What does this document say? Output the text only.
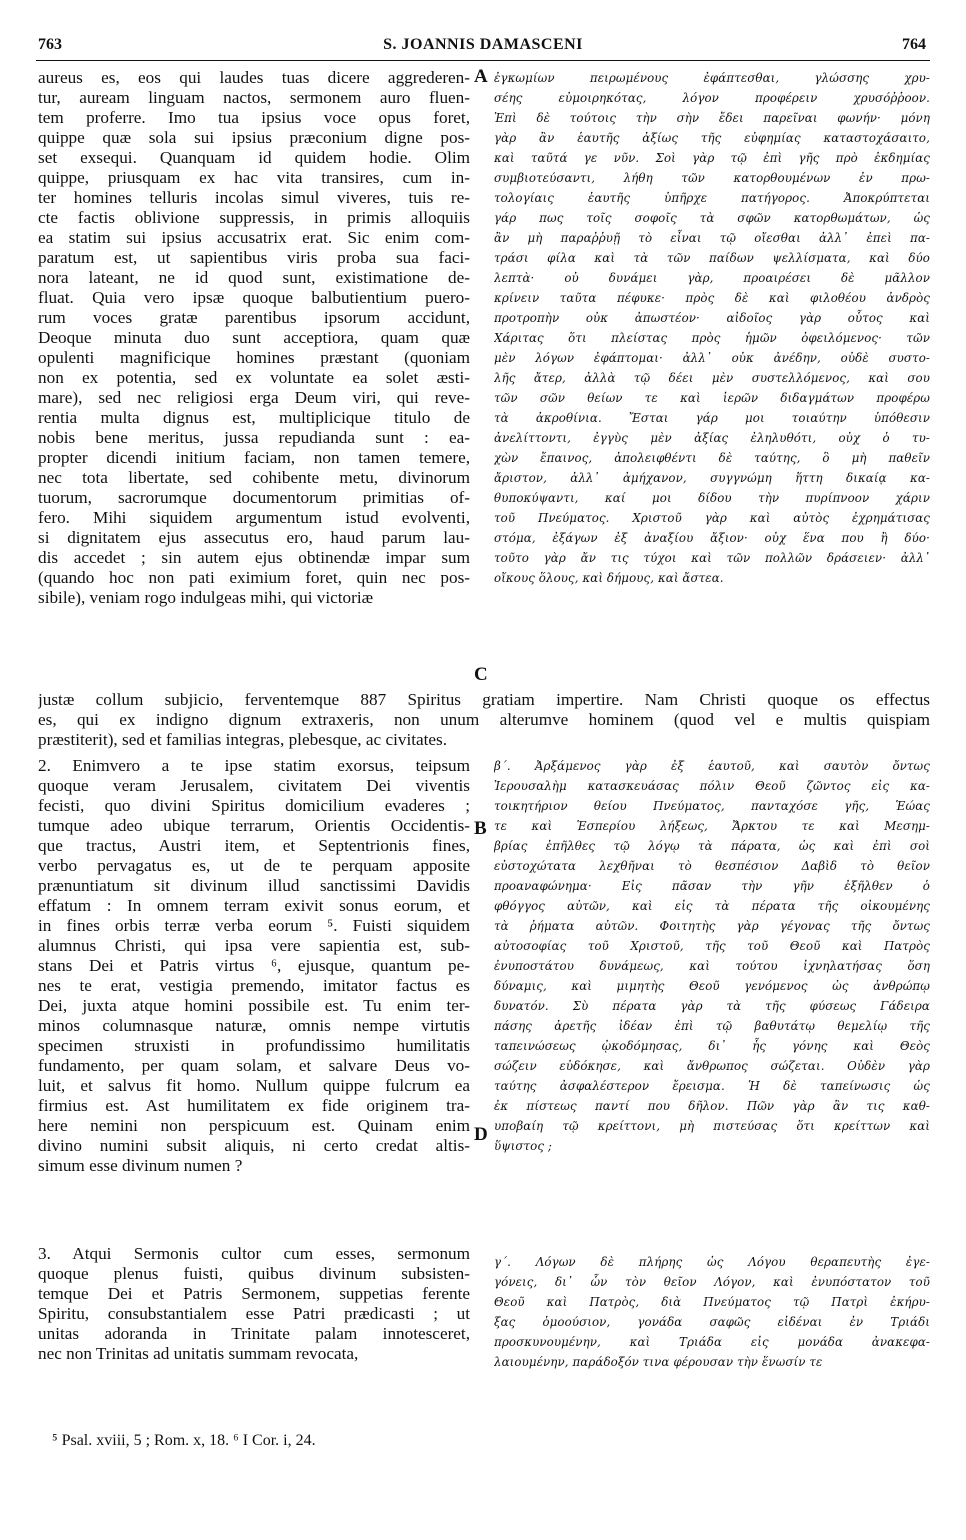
763	S. JOANNIS DAMASCENI	764
A
B
C
D
aureus es, eos qui laudes tuas dicere aggrederen-
tur, auream linguam nactos, sermonem auro fluen-
tem proferre. Imo tua ipsius voce opus foret,
quippe quæ sola sui ipsius præconium digne pos-
set exsequi. Quanquam id quidem hodie. Olim
quippe, priusquam ex hac vita transires, cum in-
ter homines telluris incolas simul viveres, tuis re-
cte factis oblivione suppressis, in primis alloquiis
ea statim sui ipsius accusatrix erat. Sic enim com-
paratum est, ut sapientibus viris proba sua faci-
nora lateant, ne id quod sunt, existimatione de-
fluat. Quia vero ipsæ quoque balbutientium puero-
rum voces gratæ parentibus ipsorum accidunt,
Deoque minuta duo sunt acceptiora, quam quæ
opulenti magnificique homines præstant (quoniam
non ex potentia, sed ex voluntate ea solet æsti-
mare), sed nec religiosi erga Deum viri, qui reve-
rentia multa dignus est, multiplicique titulo de
nobis bene meritus, jussa repudianda sunt : ea-
propter dicendi initium faciam, non tamen temere,
nec tota libertate, sed cohibente metu, divinorum
tuorum, sacrorumque documentorum primitias of-
fero. Mihi siquidem argumentum istud evolventi,
si dignitatem ejus assecutus ero, haud parum lau-
dis accedet ; sin autem ejus obtinendæ impar sum
(quando hoc non pati eximium foret, quin nec pos-
sibile), veniam rogo indulgeas mihi, qui victoriæ
ἐγκωμίων πειρωμένους ἐφάπτεσθαι, γλώσσης χρυ-
σέης εὐμοιρηκότας, λόγον προφέρειν χρυσόῤῥοον.
Ἐπὶ δὲ τούτοις τὴν σὴν ἔδει παρεῖναι φωνήν· μόνη
γὰρ ἂν ἑαυτῆς ἀξίως τῆς εὐφημίας καταστοχάσαιτο,
καὶ ταῦτά γε νῦν. Σοὶ γὰρ τῷ ἐπὶ γῆς πρὸ ἐκδημίας
συμβιοτεύσαντι, λήθη τῶν κατορθουμένων ἐν πρω-
τολογίαις ἑαυτῆς ὑπῆρχε πατήγορος. Ἀποκρύπτεται
γάρ πως τοῖς σοφοῖς τὰ σφῶν κατορθωμάτων, ὡς
ἂν μὴ παραῤῥυῇ τὸ εἶναι τῷ οἴεσθαι ἀλλ᾽ ἐπεὶ πα-
τράσι φίλα καὶ τὰ τῶν παίδων ψελλίσματα, καὶ δύο
λεπτὰ· οὐ δυνάμει γὰρ, προαιρέσει δὲ μᾶλλον
κρίνειν ταῦτα πέφυκε· πρὸς δὲ καὶ φιλοθέου ἀνδρὸς
προτροπὴν οὐκ ἀπωστέον· αἰδοῖος γὰρ οὗτος καὶ
Χάριτας ὅτι πλείστας πρὸς ἡμῶν ὀφειλόμενος· τῶν
μὲν λόγων ἐφάπτομαι· ἀλλ᾽ οὐκ ἀνέδην, οὐδὲ συστο-
λῆς ἄτερ, ἀλλὰ τῷ δέει μὲν συστελλόμενος, καὶ σου
τῶν σῶν θείων τε καὶ ἱερῶν διδαγμάτων προφέρω
τὰ ἀκροθίνια. Ἔσται γάρ μοι τοιαύτην ὑπόθεσιν
ἀνελίττοντι, ἐγγὺς μὲν ἀξίας ἐληλυθότι, οὐχ ὁ τυ-
χὼν ἔπαινος, ἀπολειφθέντι δὲ ταύτης, ὃ μὴ παθεῖν
ἄριστον, ἀλλ᾽ ἀμήχανον, συγγνώμη ἥττη δικαίᾳ κα-
θυποκύψαντι, καί μοι δίδου τὴν πυρίπνοον χάριν
τοῦ Πνεύματος. Χριστοῦ γὰρ καὶ αὐτὸς ἐχρημάτισας
στόμα, ἐξάγων ἐξ ἀναξίου ἄξιον· οὐχ ἕνα που ἢ δύο·
τοῦτο γὰρ ἄν τις τύχοι καὶ τῶν πολλῶν δράσειεν· ἀλλ᾽
οἴκους ὅλους, καὶ δήμους, καὶ ἄστεα.
justæ collum subjicio, ferventemque 887 Spiritus gratiam impertire. Nam Christi quoque os effectus
es, qui ex indigno dignum extraxeris, non unum alterumve hominem (quod vel e multis quispiam
præstiterit), sed et familias integras, plebesque, ac civitates.
2. Enimvero a te ipse statim exorsus, teipsum
quoque veram Jerusalem, civitatem Dei viventis
fecisti, quo divini Spiritus domicilium evaderes ;
tumque adeo ubique terrarum, Orientis Occidentis-
que tractus, Austri item, et Septentrionis fines,
verbo pervagatus es, ut de te perquam apposite
prænuntiatum sit divinum illud sanctissimi Davidis
effatum : In omnem terram exivit sonus eorum, et
in fines orbis terræ verba eorum ⁵. Fuisti siquidem
alumnus Christi, qui ipsa vere sapientia est, sub-
stans Dei et Patris virtus ⁶, ejusque, quantum pe-
nes te erat, vestigia premendo, imitator factus es
Dei, juxta atque homini possibile est. Tu enim ter-
minos columnasque naturæ, omnis nempe virtutis
specimen struxisti in profundissimo humilitatis
fundamento, per quam solam, et salvare Deus vo-
luit, et salvus fit homo. Nullum quippe fulcrum ea
firmius est. Ast humilitatem ex fide originem tra-
here nemini non perspicuum est. Quinam enim
divino numini subsit aliquis, ni certo credat altis-
simum esse divinum numen ?
β΄. Ἀρξάμενος γὰρ ἐξ ἑαυτοῦ, καὶ σαυτὸν ὄντως
Ἱερουσαλὴμ κατασκευάσας πόλιν Θεοῦ ζῶντος εἰς κα-
τοικητήριον θείου Πνεύματος, πανταχόσε γῆς, Ἑώας
τε καὶ Ἑσπερίου λήξεως, Ἄρκτου τε καὶ Μεσημ-
βρίας ἐπῆλθες τῷ λόγῳ τὰ πάρατα, ὡς καὶ ἐπὶ σοὶ
εὐστοχώτατα λεχθῆναι τὸ θεσπέσιον Δαβὶδ τὸ θεῖον
προαναφώνημα· Εἰς πᾶσαν τὴν γῆν ἐξῆλθεν ὁ
φθόγγος αὐτῶν, καὶ εἰς τὰ πέρατα τῆς οἰκουμένης
τὰ ῥήματα αὐτῶν. Φοιτητὴς γὰρ γέγονας τῆς ὄντως
αὐτοσοφίας τοῦ Χριστοῦ, τῆς τοῦ Θεοῦ καὶ Πατρὸς
ἐνυποστάτου δυνάμεως, καὶ τούτου ἰχνηλατήσας ὅση
δύναμις, καὶ μιμητὴς Θεοῦ γενόμενος ὡς ἀνθρώπῳ
δυνατόν. Σὺ πέρατα γὰρ τὰ τῆς φύσεως Γάδειρα
πάσης ἀρετῆς ἰδέαν ἐπὶ τῷ βαθυτάτῳ θεμελίῳ τῆς
ταπεινώσεως ᾠκοδόμησας, δι᾽ ἧς γόνης καὶ Θεὸς
σώζειν εὐδόκησε, καὶ ἄνθρωπος σώζεται. Οὐδὲν γὰρ
ταύτης ἀσφαλέστερον ἔρεισμα. Ἡ δὲ ταπείνωσις ὡς
ἐκ πίστεως παντί που δῆλον. Πῶν γὰρ ἂν τις καθ-
υποβαίη τῷ κρείττονι, μὴ πιστεύσας ὅτι κρείττων καὶ
ὕψιστος ;
3. Atqui Sermonis cultor cum esses, sermonum
quoque plenus fuisti, quibus divinum subsisten-
temque Dei et Patris Sermonem, suppetias ferente
Spiritu, consubstantialem esse Patri prædicasti ; ut
unitas adoranda in Trinitate palam innotesceret,
nec non Trinitas ad unitatis summam revocata,
γ΄. Λόγων δὲ πλήρης ὡς Λόγου θεραπευτὴς ἐγε-
γόνεις, δι᾽ ὧν τὸν θεῖον Λόγον, καὶ ἐνυπόστατον τοῦ
Θεοῦ καὶ Πατρὸς, διὰ Πνεύματος τῷ Πατρὶ ἐκήρυ-
ξας ὁμοούσιον, γονάδα σαφῶς εἰδέναι ἐν Τριάδι
προσκυνουμένην, καὶ Τριάδα εἰς μονάδα ἀνακεφα-
λαιουμένην, παράδοξόν τινα φέρουσαν τὴν ἕνωσίν τε
⁵ Psal. xviii, 5 ; Rom. x, 18. ⁶ I Cor. i, 24.
